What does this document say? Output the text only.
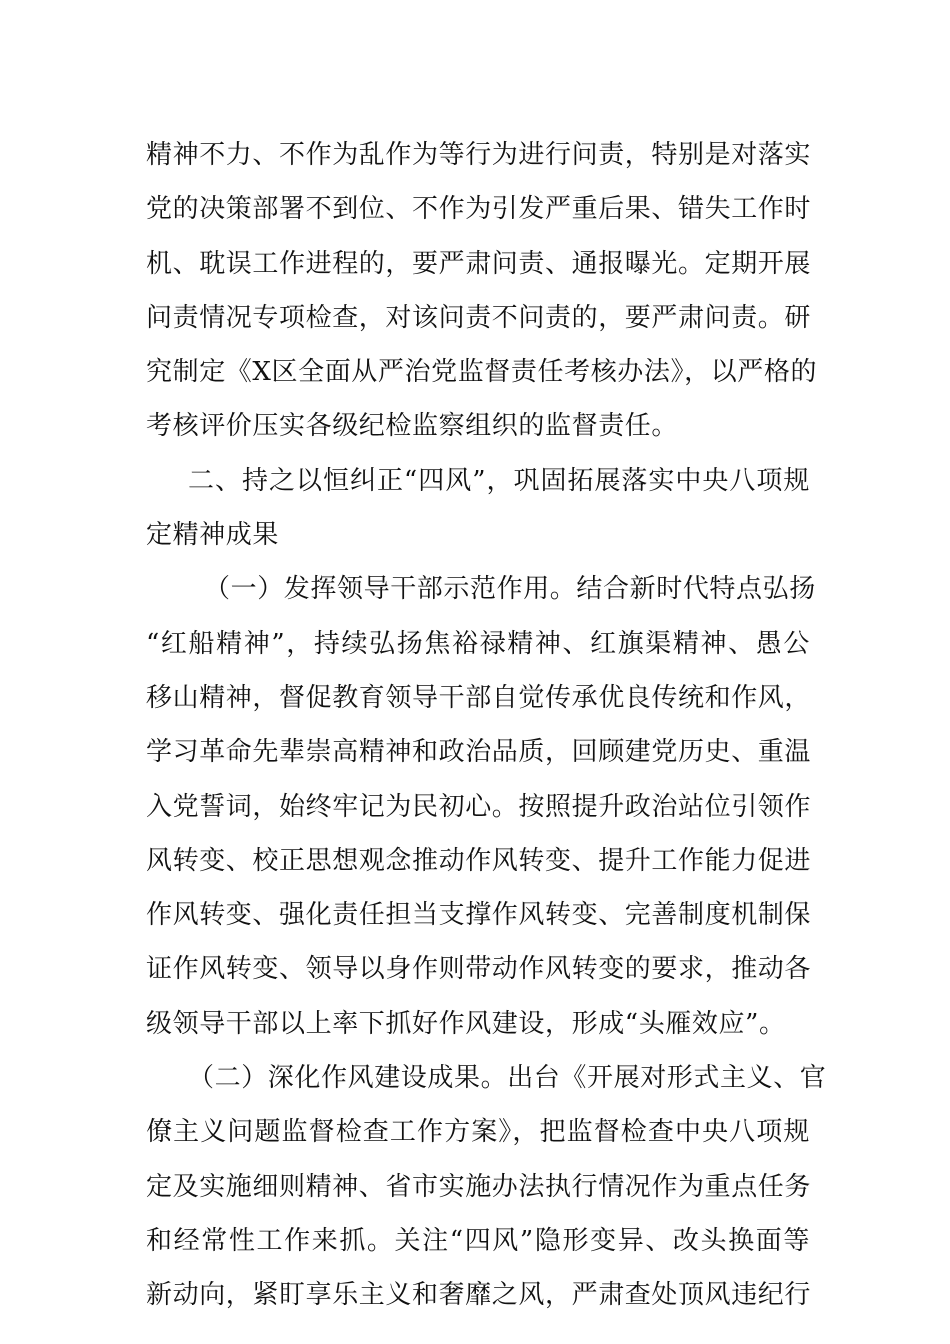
精神不力、不作为乱作为等行为进行问责，特别是对落实
党的决策部署不到位、不作为引发严重后果、错失工作时
机、耽误工作进程的，要严肃问责、通报曝光。定期开展
问责情况专项检查，对该问责不问责的，要严肃问责。研
究制定《X区全面从严治党监督责任考核办法》，以严格的
考核评价压实各级纪检监察组织的监督责任。
二、持之以恒纠正“四风”，巩固拓展落实中央八项规
定精神成果
（一）发挥领导干部示范作用。结合新时代特点弘扬
“红船精神”，持续弘扬焦裕禄精神、红旗渠精神、愚公
移山精神，督促教育领导干部自觉传承优良传统和作风，
学习革命先辈崇高精神和政治品质，回顾建党历史、重温
入党誓词，始终牢记为民初心。按照提升政治站位引领作
风转变、校正思想观念推动作风转变、提升工作能力促进
作风转变、强化责任担当支撑作风转变、完善制度机制保
证作风转变、领导以身作则带动作风转变的要求，推动各
级领导干部以上率下抓好作风建设，形成“头雁效应”。
（二）深化作风建设成果。出台《开展对形式主义、官
僚主义问题监督检查工作方案》，把监督检查中央八项规
定及实施细则精神、省市实施办法执行情况作为重点任务
和经常性工作来抓。关注“四风”隐形变异、改头换面等
新动向，紧盯享乐主义和奢靡之风，严肃查处顶风违纪行
